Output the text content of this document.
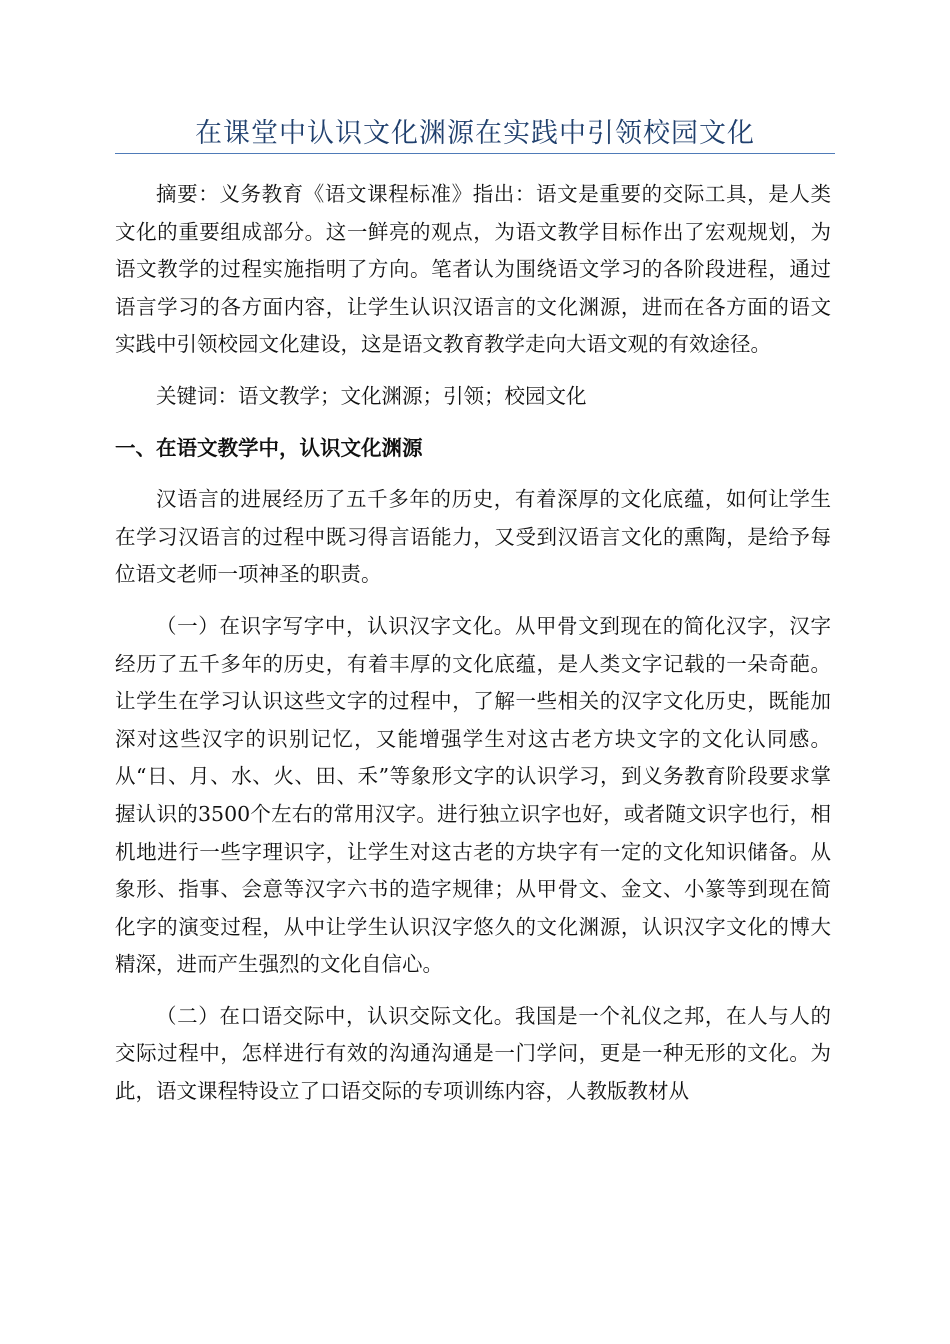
在课堂中认识文化渊源在实践中引领校园文化

摘要：义务教育《语文课程标准》指出：语文是重要的交际工具，是人类文化的重要组成部分。这一鲜亮的观点，为语文教学目标作出了宏观规划，为语文教学的过程实施指明了方向。笔者认为围绕语文学习的各阶段进程，通过语言学习的各方面内容，让学生认识汉语言的文化渊源，进而在各方面的语文实践中引领校园文化建设，这是语文教育教学走向大语文观的有效途径。

关键词：语文教学；文化渊源；引领；校园文化

一、在语文教学中，认识文化渊源

汉语言的进展经历了五千多年的历史，有着深厚的文化底蕴，如何让学生在学习汉语言的过程中既习得言语能力，又受到汉语言文化的熏陶，是给予每位语文老师一项神圣的职责。

（一）在识字写字中，认识汉字文化。从甲骨文到现在的简化汉字，汉字经历了五千多年的历史，有着丰厚的文化底蕴，是人类文字记载的一朵奇葩。让学生在学习认识这些文字的过程中，了解一些相关的汉字文化历史，既能加深对这些汉字的识别记忆，又能增强学生对这古老方块文字的文化认同感。从“日、月、水、火、田、禾”等象形文字的认识学习，到义务教育阶段要求掌握认识的3500个左右的常用汉字。进行独立识字也好，或者随文识字也行，相机地进行一些字理识字，让学生对这古老的方块字有一定的文化知识储备。从象形、指事、会意等汉字六书的造字规律；从甲骨文、金文、小篆等到现在简化字的演变过程，从中让学生认识汉字悠久的文化渊源，认识汉字文化的博大精深，进而产生强烈的文化自信心。

（二）在口语交际中，认识交际文化。我国是一个礼仪之邦，在人与人的交际过程中，怎样进行有效的沟通沟通是一门学问，更是一种无形的文化。为此，语文课程特设立了口语交际的专项训练内容，人教版教材从
